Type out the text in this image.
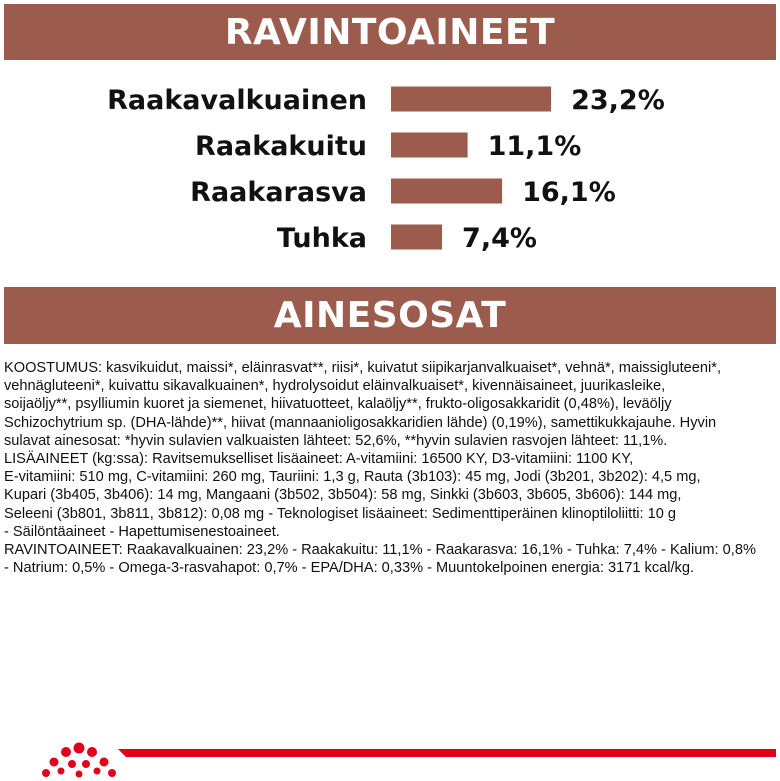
RAVINTOAINEET
Raakavalkuainen	23,2%
Raakakuitu	11,1%
Raakarasva	16,1%
Tuhka	7,4%
AINESOSAT
KOOSTUMUS: kasvikuidut, maissi*, eläinrasvat**, riisi*, kuivatut siipikarjanvalkuaiset*, vehnä*, maissigluteeni*,
vehnägluteeni*, kuivattu sikavalkuainen*, hydrolysoidut eläinvalkuaiset*, kivennäisaineet, juurikasleike,
soijaöljy**, psylliumin kuoret ja siemenet, hiivatuotteet, kalaöljy**, frukto-oligosakkaridit (0,48%), leväöljy
Schizochytrium sp. (DHA-lähde)**, hiivat (mannaanioligosakkaridien lähde) (0,19%), samettikukkajauhe. Hyvin
sulavat ainesosat: *hyvin sulavien valkuaisten lähteet: 52,6%, **hyvin sulavien rasvojen lähteet: 11,1%.
LISÄAINEET (kg:ssa): Ravitsemukselliset lisäaineet: A-vitamiini: 16500 KY, D3-vitamiini: 1100 KY,
E-vitamiini: 510 mg, C-vitamiini: 260 mg, Tauriini: 1,3 g, Rauta (3b103): 45 mg, Jodi (3b201, 3b202): 4,5 mg,
Kupari (3b405, 3b406): 14 mg, Mangaani (3b502, 3b504): 58 mg, Sinkki (3b603, 3b605, 3b606): 144 mg,
Seleeni (3b801, 3b811, 3b812): 0,08 mg - Teknologiset lisäaineet: Sedimenttiperäinen klinoptiloliitti: 10 g
- Säilöntäaineet - Hapettumisenestoaineet.
RAVINTOAINEET: Raakavalkuainen: 23,2% - Raakakuitu: 11,1% - Raakarasva: 16,1% - Tuhka: 7,4% - Kalium: 0,8%
- Natrium: 0,5% - Omega-3-rasvahapot: 0,7% - EPA/DHA: 0,33% - Muuntokelpoinen energia: 3171 kcal/kg.
